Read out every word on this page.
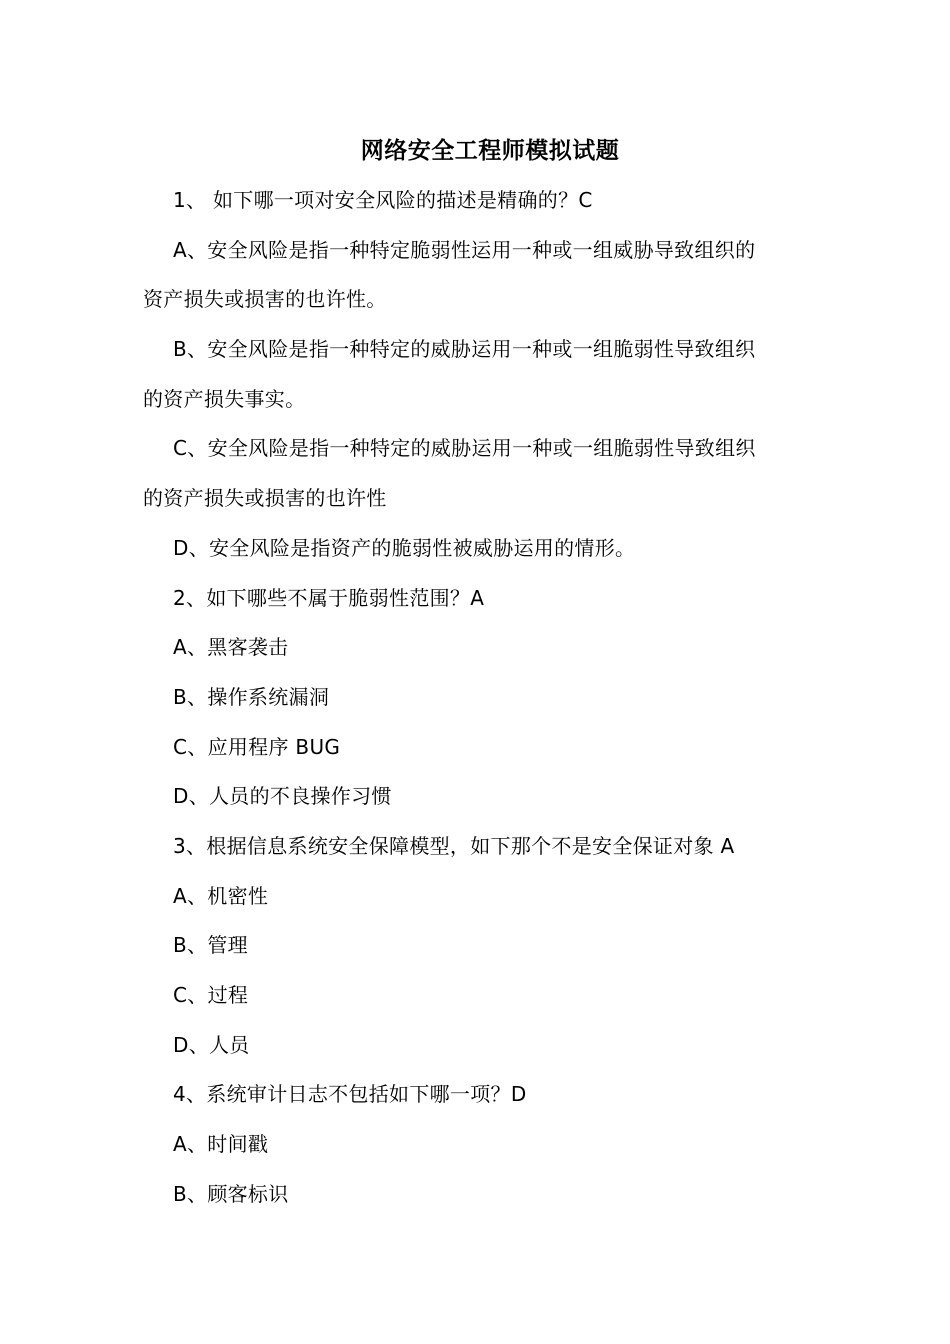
网络安全工程师模拟试题
1、 如下哪一项对安全风险的描述是精确的？C
A、安全风险是指一种特定脆弱性运用一种或一组威胁导致组织的
资产损失或损害的也许性。
B、安全风险是指一种特定的威胁运用一种或一组脆弱性导致组织
的资产损失事实。
C、安全风险是指一种特定的威胁运用一种或一组脆弱性导致组织
的资产损失或损害的也许性
D、安全风险是指资产的脆弱性被威胁运用的情形。
2、如下哪些不属于脆弱性范围？A
A、黑客袭击
B、操作系统漏洞
C、应用程序 BUG
D、人员的不良操作习惯
3、根据信息系统安全保障模型，如下那个不是安全保证对象 A
A、机密性
B、管理
C、过程
D、人员
4、系统审计日志不包括如下哪一项？D
A、时间戳
B、顾客标识
